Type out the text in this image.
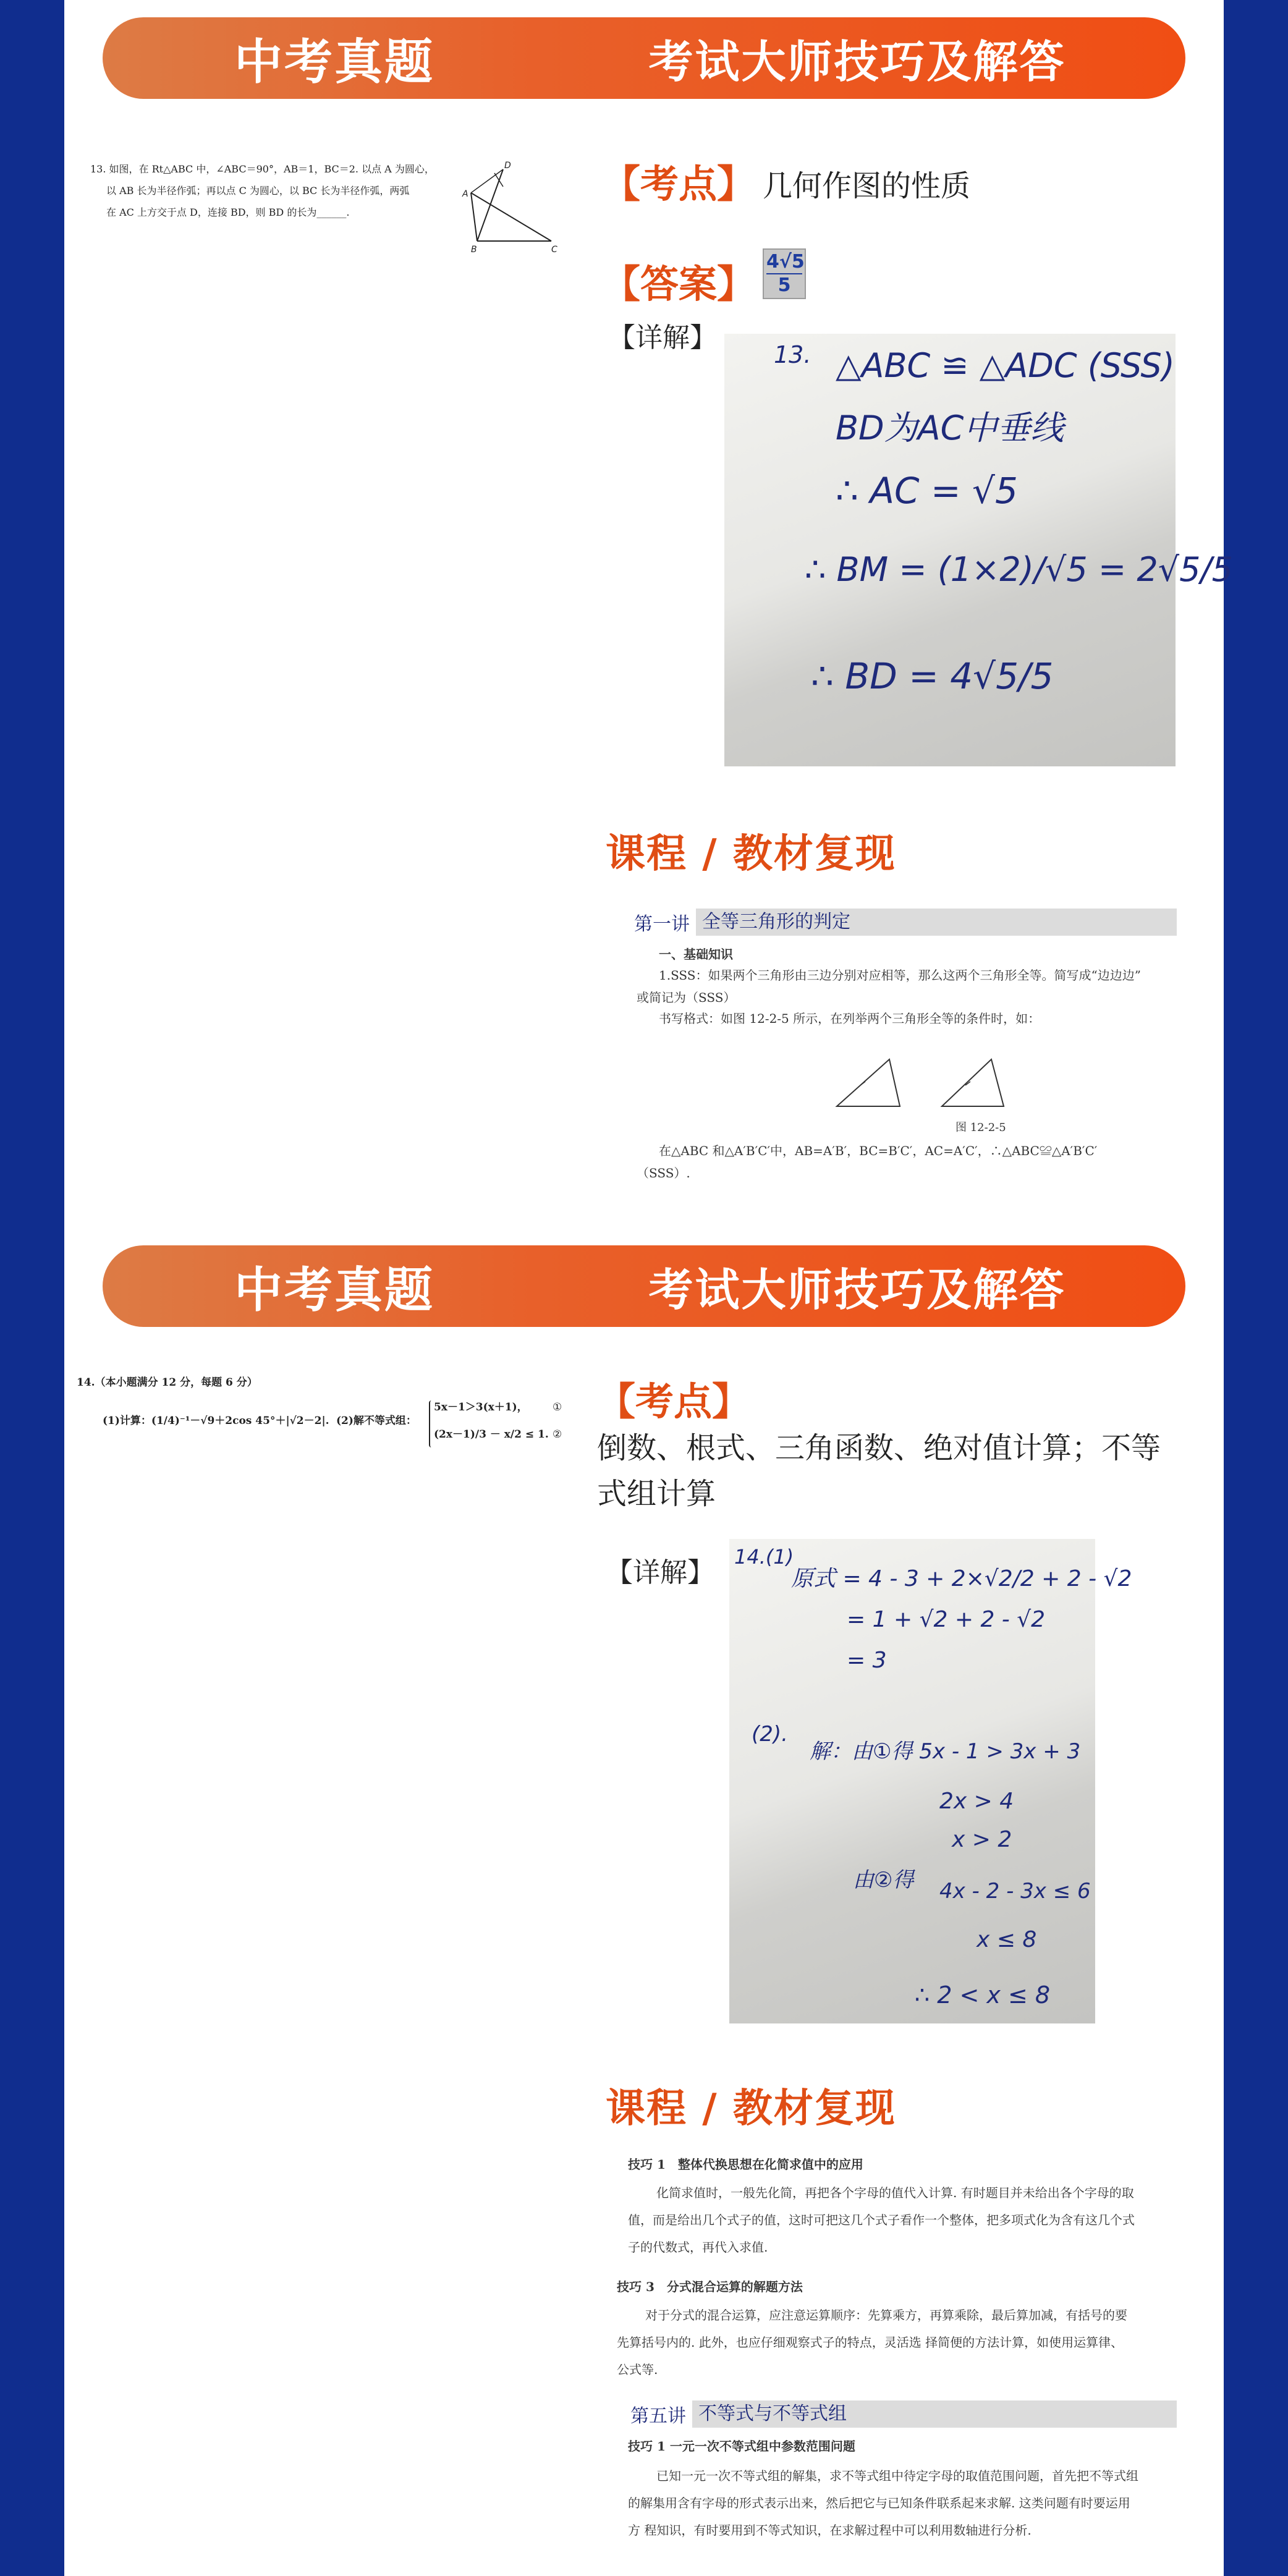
中考真题	考试大师技巧及解答
13. 如图，在 Rt△ABC 中，∠ABC＝90°，AB＝1，BC＝2. 以点 A 为圆心，
以 AB 长为半径作弧；再以点 C 为圆心，以 BC 长为半径作弧，两弧
在 AC 上方交于点 D，连接 BD，则 BD 的长为______.
A
B	C
D 【考点】 几何作图的性质
【答案】 $\frac{4√5}{5}$
【详解】
13. △ABC ≌ △ADC (SSS)
BD为AC中垂线
∴ AC = √5
∴ BM = (1×2)/√5 = 2√5/5
∴ BD = 4√5/5
课程 / 教材复现
第一讲 全等三角形的判定
一、基础知识
1.SSS：如果两个三角形由三边分别对应相等，那么这两个三角形全等。简写成“边边边”
或简记为（SSS）
书写格式：如图 12-2-5 所示，在列举两个三角形全等的条件时，如：
图 12-2-5
在△ABC 和△A′B′C′中，AB=A′B′，BC=B′C′，AC=A′C′，∴△ABC≌△A′B′C′
（SSS）.
中考真题	考试大师技巧及解答
14.（本小题满分 12 分，每题 6 分）
(1)计算：(1/4)⁻¹－√9＋2cos 45°＋|√2－2|. (2)解不等式组：
5x－1＞3(x＋1)，
(2x－1)/3 － x/2 ≤ 1.
①
②
【考点】
倒数、根式、三角函数、绝对值计算；不等
式组计算
【详解】 14.(1)
原式 = 4 - 3 + 2×√2/2 + 2 - √2
= 1 + √2 + 2 - √2
= 3
(2).
解：由①得 5x - 1 > 3x + 3
2x > 4
x > 2
由②得 4x - 2 - 3x ≤ 6
x ≤ 8
∴ 2 < x ≤ 8
课程 / 教材复现
技巧 1　整体代换思想在化简求值中的应用
化简求值时，一般先化简，再把各个字母的值代入计算. 有时题目并未给出各个字母的取
值，而是给出几个式子的值，这时可把这几个式子看作一个整体，把多项式化为含有这几个式
子的代数式，再代入求值.
技巧 3　分式混合运算的解题方法
对于分式的混合运算，应注意运算顺序：先算乘方，再算乘除，最后算加减，有括号的要
先算括号内的. 此外，也应仔细观察式子的特点，灵活选 择简便的方法计算，如使用运算律、
公式等.
第五讲 不等式与不等式组
技巧 1 一元一次不等式组中参数范围问题
已知一元一次不等式组的解集，求不等式组中待定字母的取值范围问题，首先把不等式组
的解集用含有字母的形式表示出来，然后把它与已知条件联系起来求解. 这类问题有时要运用
方 程知识，有时要用到不等式知识，在求解过程中可以利用数轴进行分析.
